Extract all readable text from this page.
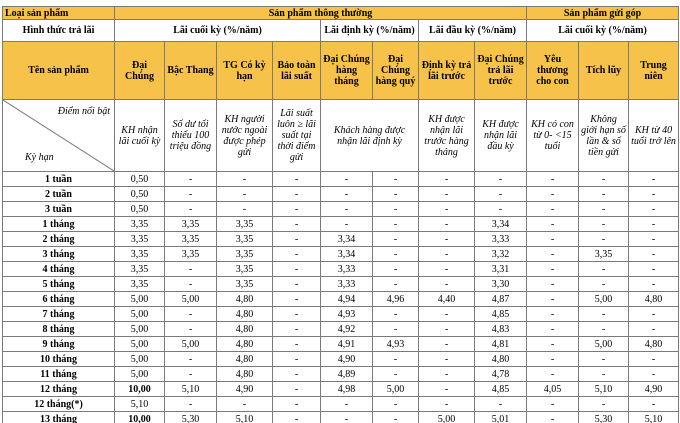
Loại sản phẩm	Sản phẩm thông thường								Sản phẩm gửi góp		
Hình thức trả lãi	Lãi cuối kỳ (%/năm)				Lãi định kỳ (%/năm)		Lãi đầu kỳ (%/năm)		Lãi cuối kỳ (%/năm)		
Tên sản phẩm	Đại Chúng	Bậc Thang	TG Có kỳ hạn	Bảo toàn lãi suất	Đại Chúng hàng tháng	Đại Chúng hàng quý	Định kỳ trả lãi trước	Đại Chúng trả lãi trước	Yêu thương cho con	Tích lũy	Trung niên

Điểm nổi bật
Kỳ hạn	KH nhận lãi cuối kỳ	Số dư tối thiểu 100 triệu đồng	KH người nước ngoài được phép gửi	Lãi suất luôn ≥ lãi suất tại thời điểm gửi	Khách hàng được nhận lãi định kỳ		KH được nhận lãi trước hàng tháng	KH được nhận lãi đầu kỳ	KH có con từ 0- <15 tuổi	Không giới hạn số lần & số tiền gửi	KH từ 40 tuổi trở lên
1 tuần	0,50	-	-	-	-	-	-	-	-	-	-
2 tuần	0,50	-	-	-	-	-	-	-	-	-	-
3 tuần	0,50	-	-	-	-	-	-	-	-	-	-
1 tháng	3,35	3,35	3,35	-	-	-	-	3,34	-	-	-
2 tháng	3,35	3,35	3,35	-	3,34	-	-	3,33	-	-	-
3 tháng	3,35	3,35	3,35	-	3,34	-	-	3,32	-	3,35	-
4 tháng	3,35	-	3,35	-	3,33	-	-	3,31	-	-	-
5 tháng	3,35	-	3,35	-	3,33	-	-	3,30	-	-	-
6 tháng	5,00	5,00	4,80	-	4,94	4,96	4,40	4,87	-	5,00	4,80
7 tháng	5,00	-	4,80	-	4,93	-	-	4,85	-	-	-
8 tháng	5,00	-	4,80	-	4,92	-	-	4,83	-	-	-
9 tháng	5,00	5,00	4,80	-	4,91	4,93	-	4,81	-	5,00	4,80
10 tháng	5,00	-	4,80	-	4,90	-	-	4,80	-	-	-
11 tháng	5,00	-	4,80	-	4,89	-	-	4,78	-	-	-
12 tháng	10,00	5,10	4,90	-	4,98	5,00	-	4,85	4,05	5,10	4,90
12 tháng(*)	5,10	-	-	-	-	-	-	-	-	-	-
13 tháng	10,00	5,30	5,10	-	-	-	5,00	5,01	-	5,30	5,10
